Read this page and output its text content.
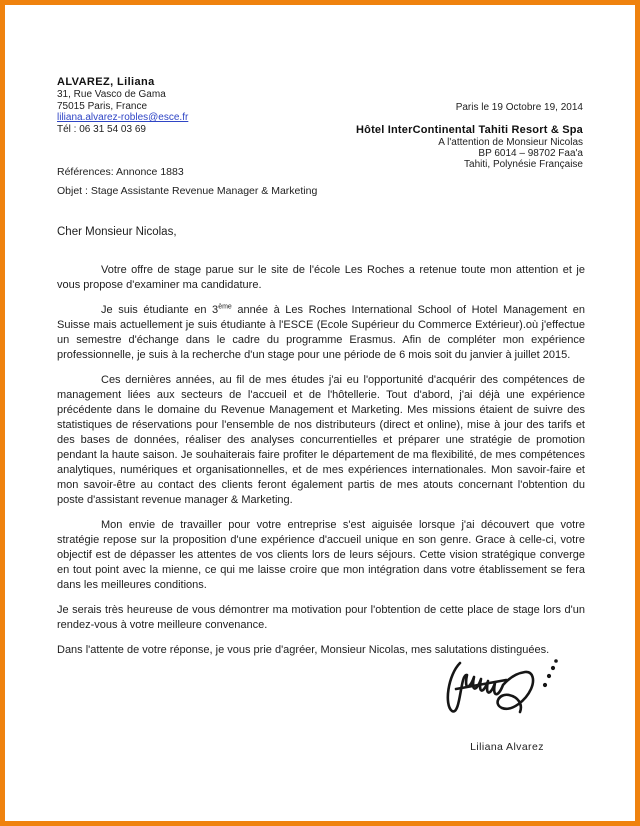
ALVAREZ, Liliana
31, Rue Vasco de Gama
75015 Paris, France
liliana.alvarez-robles@esce.fr
Tél : 06 31 54 03 69
Paris le 19 Octobre 19, 2014
Hôtel InterContinental Tahiti Resort & Spa
A l'attention de Monsieur Nicolas
BP 6014 – 98702 Faa'a
Tahiti, Polynésie Française
Références: Annonce 1883
Objet : Stage Assistante Revenue Manager & Marketing

Cher Monsieur Nicolas,

Votre offre de stage parue sur le site de l'école Les Roches a retenue toute mon attention et je vous propose d'examiner ma candidature.

Je suis étudiante en 3ème année à Les Roches International School of Hotel Management en Suisse mais actuellement je suis étudiante à l'ESCE (Ecole Supérieur du Commerce Extérieur).où j'effectue un semestre d'échange dans le cadre du programme Erasmus. Afin de compléter mon expérience professionnelle, je suis à la recherche d'un stage pour une période de 6 mois soit du janvier à juillet 2015.

Ces dernières années, au fil de mes études j'ai eu l'opportunité d'acquérir des compétences de management liées aux secteurs de l'accueil et de l'hôtellerie. Tout d'abord, j'ai déjà une expérience précédente dans le domaine du Revenue Management et Marketing. Mes missions étaient de suivre des statistiques de réservations pour l'ensemble de nos distributeurs (direct et online), mise à jour des tarifs et des bases de données, réaliser des analyses concurrentielles et préparer une stratégie de promotion pendant la haute saison. Je souhaiterais faire profiter le département de ma flexibilité, de mes compétences analytiques, numériques et organisationnelles, et de mes expériences internationales. Mon savoir-faire et mon savoir-être au contact des clients feront également partis de mes atouts concernant l'obtention du poste d'assistant revenue manager & Marketing.

Mon envie de travailler pour votre entreprise s'est aiguisée lorsque j'ai découvert que votre stratégie repose sur la proposition d'une expérience d'accueil unique en son genre. Grace à celle-ci, votre objectif est de dépasser les attentes de vos clients lors de leurs séjours. Cette vision stratégique converge en tout point avec la mienne, ce qui me laisse croire que mon intégration dans votre établissement se fera dans les meilleures conditions.

Je serais très heureuse de vous démontrer ma motivation pour l'obtention de cette place de stage lors d'un rendez-vous à votre meilleure convenance.

Dans l'attente de votre réponse, je vous prie d'agréer, Monsieur Nicolas, mes salutations distinguées.

Liliana Alvarez
